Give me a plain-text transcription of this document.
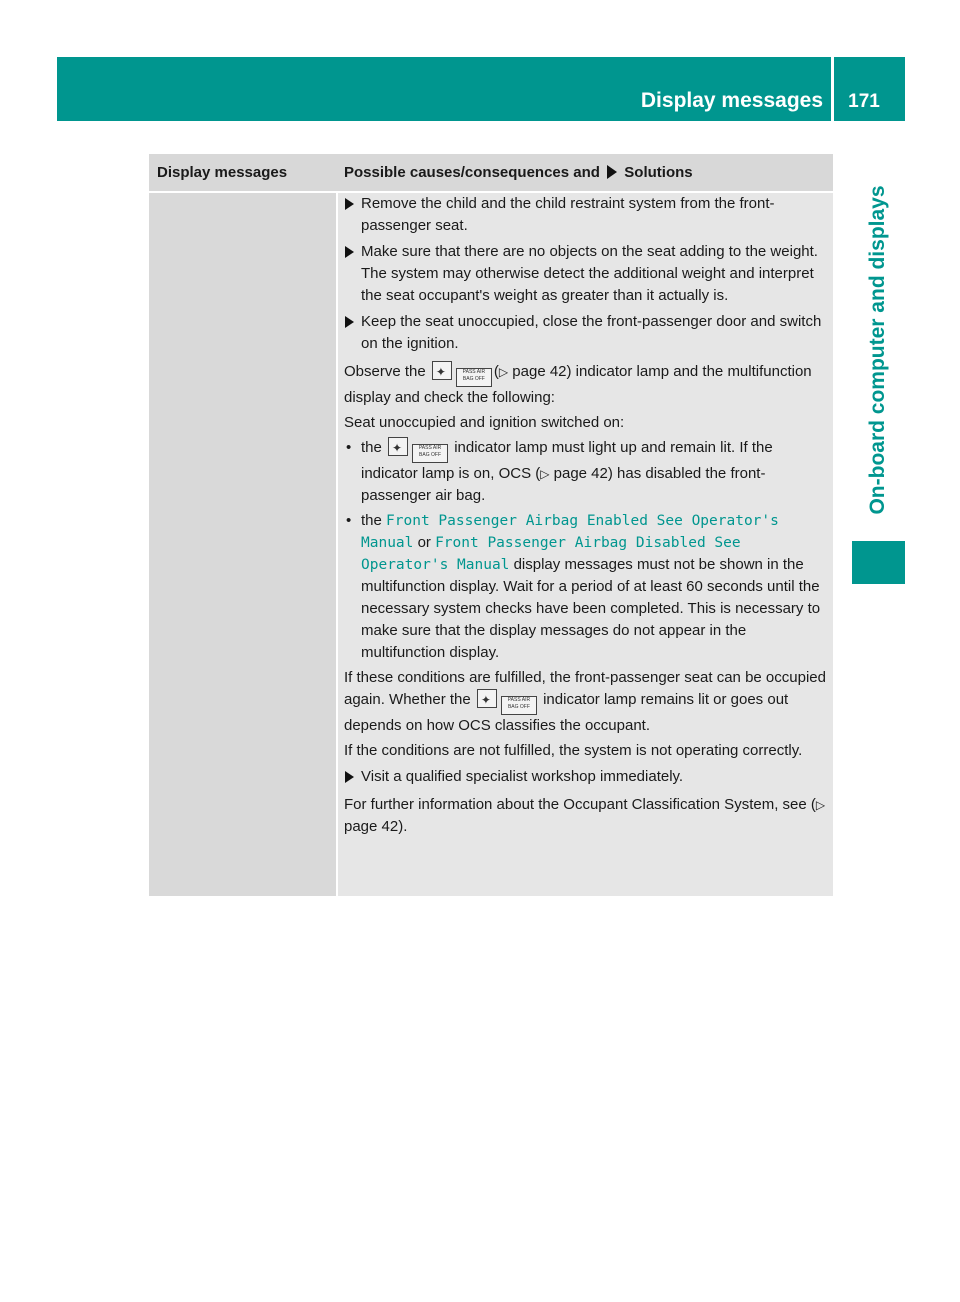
Display messages	171
On-board computer and displays
Display messages	Possible causes/consequences and Solutions

Remove the child and the child restraint system from the front-passenger seat.

Make sure that there are no objects on the seat adding to the weight.

The system may otherwise detect the additional weight and interpret the seat occupant's weight as greater than it actually is.

Keep the seat unoccupied, close the front-passenger door and switch on the ignition.

Observe the ✦	PASS AIR BAG OFF (▷ page 42) indicator lamp and the multifunction display and check the following:

Seat unoccupied and ignition switched on:

• the ✦	PASS AIR BAG OFF indicator lamp must light up and remain lit. If the indicator lamp is on, OCS (▷ page 42) has disabled the front-passenger air bag.

• the Front Passenger Airbag Enabled See Operator's Manual or Front Passenger Airbag Disabled See Operator's Manual display messages must not be shown in the multifunction display. Wait for a period of at least 60 seconds until the necessary system checks have been completed. This is necessary to make sure that the display messages do not appear in the multifunction display.

If these conditions are fulfilled, the front-passenger seat can be occupied again. Whether the ✦	PASS AIR BAG OFF indicator lamp remains lit or goes out depends on how OCS classifies the occupant.

If the conditions are not fulfilled, the system is not operating correctly.

Visit a qualified specialist workshop immediately.

For further information about the Occupant Classification System, see (▷ page 42).
